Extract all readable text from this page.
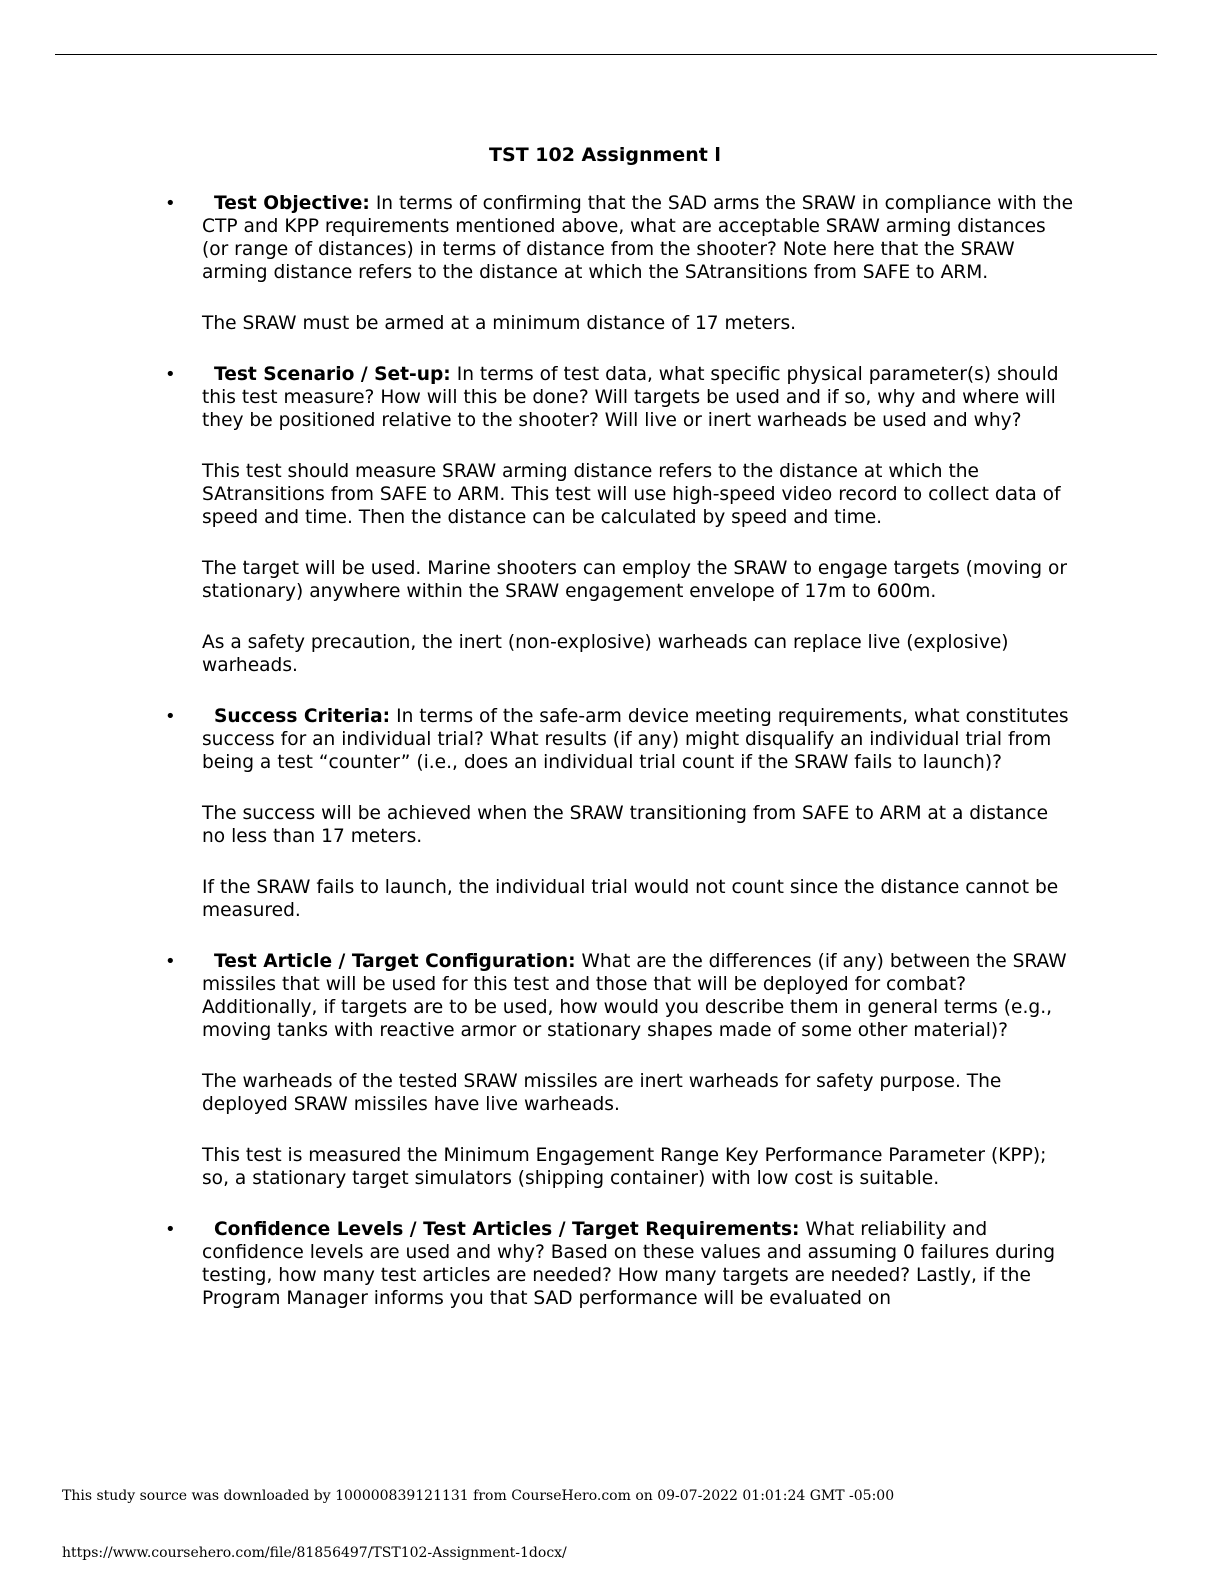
TST 102 Assignment l
•	Test Objective: In terms of confirming that the SAD arms the SRAW in compliance with the CTP and KPP requirements mentioned above, what are acceptable SRAW arming distances (or range of distances) in terms of distance from the shooter? Note here that the SRAW arming distance refers to the distance at which the SAtransitions from SAFE to ARM.

The SRAW must be armed at a minimum distance of 17 meters.

•	Test Scenario / Set-up: In terms of test data, what specific physical parameter(s) should this test measure? How will this be done? Will targets be used and if so, why and where will they be positioned relative to the shooter? Will live or inert warheads be used and why?

This test should measure SRAW arming distance refers to the distance at which the SAtransitions from SAFE to ARM. This test will use high-speed video record to collect data of speed and time. Then the distance can be calculated by speed and time.

The target will be used. Marine shooters can employ the SRAW to engage targets (moving or stationary) anywhere within the SRAW engagement envelope of 17m to 600m.

As a safety precaution, the inert (non-explosive) warheads can replace live (explosive) warheads.

•	Success Criteria: In terms of the safe-arm device meeting requirements, what constitutes success for an individual trial? What results (if any) might disqualify an individual trial from being a test “counter” (i.e., does an individual trial count if the SRAW fails to launch)?

The success will be achieved when the SRAW transitioning from SAFE to ARM at a distance no less than 17 meters.

If the SRAW fails to launch, the individual trial would not count since the distance cannot be measured.

•	Test Article / Target Configuration: What are the differences (if any) between the SRAW missiles that will be used for this test and those that will be deployed for combat? Additionally, if targets are to be used, how would you describe them in general terms (e.g., moving tanks with reactive armor or stationary shapes made of some other material)?

The warheads of the tested SRAW missiles are inert warheads for safety purpose. The deployed SRAW missiles have live warheads.

This test is measured the Minimum Engagement Range Key Performance Parameter (KPP); so, a stationary target simulators (shipping container) with low cost is suitable.

•	Confidence Levels / Test Articles / Target Requirements: What reliability and confidence levels are used and why? Based on these values and assuming 0 failures during testing, how many test articles are needed? How many targets are needed? Lastly, if the Program Manager informs you that SAD performance will be evaluated on

This study source was downloaded by 100000839121131 from CourseHero.com on 09-07-2022 01:01:24 GMT -05:00
https://www.coursehero.com/file/81856497/TST102-Assignment-1docx/
